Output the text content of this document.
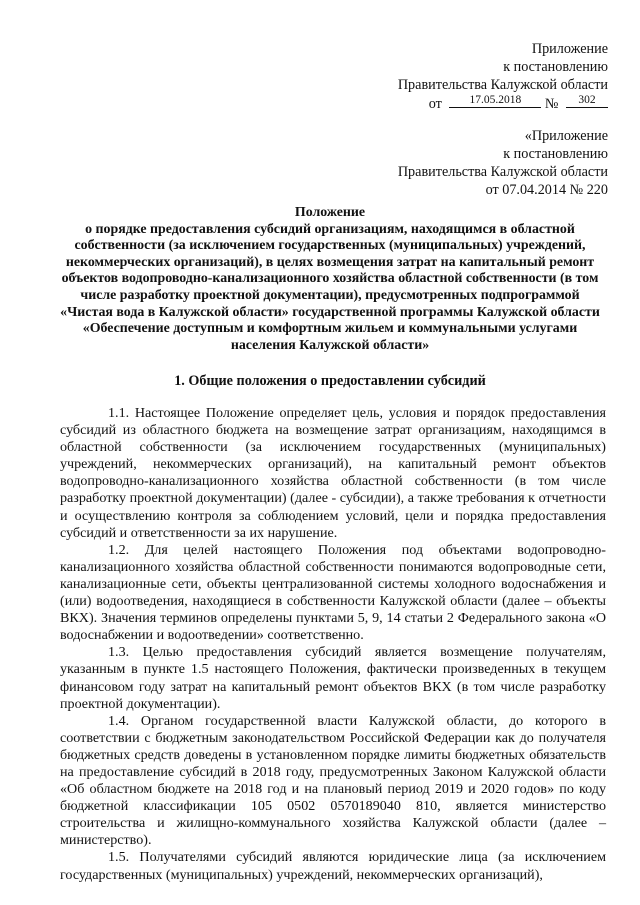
Приложение
к постановлению
Правительства Калужской области
от	17.05.2018	№	302
«Приложение
к постановлению
Правительства Калужской области
от 07.04.2014 № 220
Положение
о порядке предоставления субсидий организациям, находящимся в областной собственности (за исключением государственных (муниципальных) учреждений, некоммерческих организаций), в целях возмещения затрат на капитальный ремонт объектов водопроводно-канализационного хозяйства областной собственности (в том числе разработку проектной документации), предусмотренных подпрограммой «Чистая вода в Калужской области» государственной программы Калужской области «Обеспечение доступным и комфортным жильем и коммунальными услугами населения Калужской области»
1. Общие положения о предоставлении субсидий

1.1. Настоящее Положение определяет цель, условия и порядок предоставления субсидий из областного бюджета на возмещение затрат организациям, находящимся в областной собственности (за исключением государственных (муниципальных) учреждений, некоммерческих организаций), на капитальный ремонт объектов водопроводно-канализационного хозяйства областной собственности (в том числе разработку проектной документации) (далее - субсидии), а также требования к отчетности и осуществлению контроля за соблюдением условий, цели и порядка предоставления субсидий и ответственности за их нарушение.

1.2. Для целей настоящего Положения под объектами водопроводно-канализационного хозяйства областной собственности понимаются водопроводные сети, канализационные сети, объекты централизованной системы холодного водоснабжения и (или) водоотведения, находящиеся в собственности Калужской области (далее – объекты ВКХ). Значения терминов определены пунктами 5, 9, 14 статьи 2 Федерального закона «О водоснабжении и водоотведении» соответственно.

1.3. Целью предоставления субсидий является возмещение получателям, указанным в пункте 1.5 настоящего Положения, фактически произведенных в текущем финансовом году затрат на капитальный ремонт объектов ВКХ (в том числе разработку проектной документации).

1.4. Органом государственной власти Калужской области, до которого в соответствии с бюджетным законодательством Российской Федерации как до получателя бюджетных средств доведены в установленном порядке лимиты бюджетных обязательств на предоставление субсидий в 2018 году, предусмотренных Законом Калужской области «Об областном бюджете на 2018 год и на плановый период 2019 и 2020 годов» по коду бюджетной классификации 105 0502 0570189040 810, является министерство строительства и жилищно-коммунального хозяйства Калужской области (далее – министерство).

1.5. Получателями субсидий являются юридические лица (за исключением государственных (муниципальных) учреждений, некоммерческих организаций),
